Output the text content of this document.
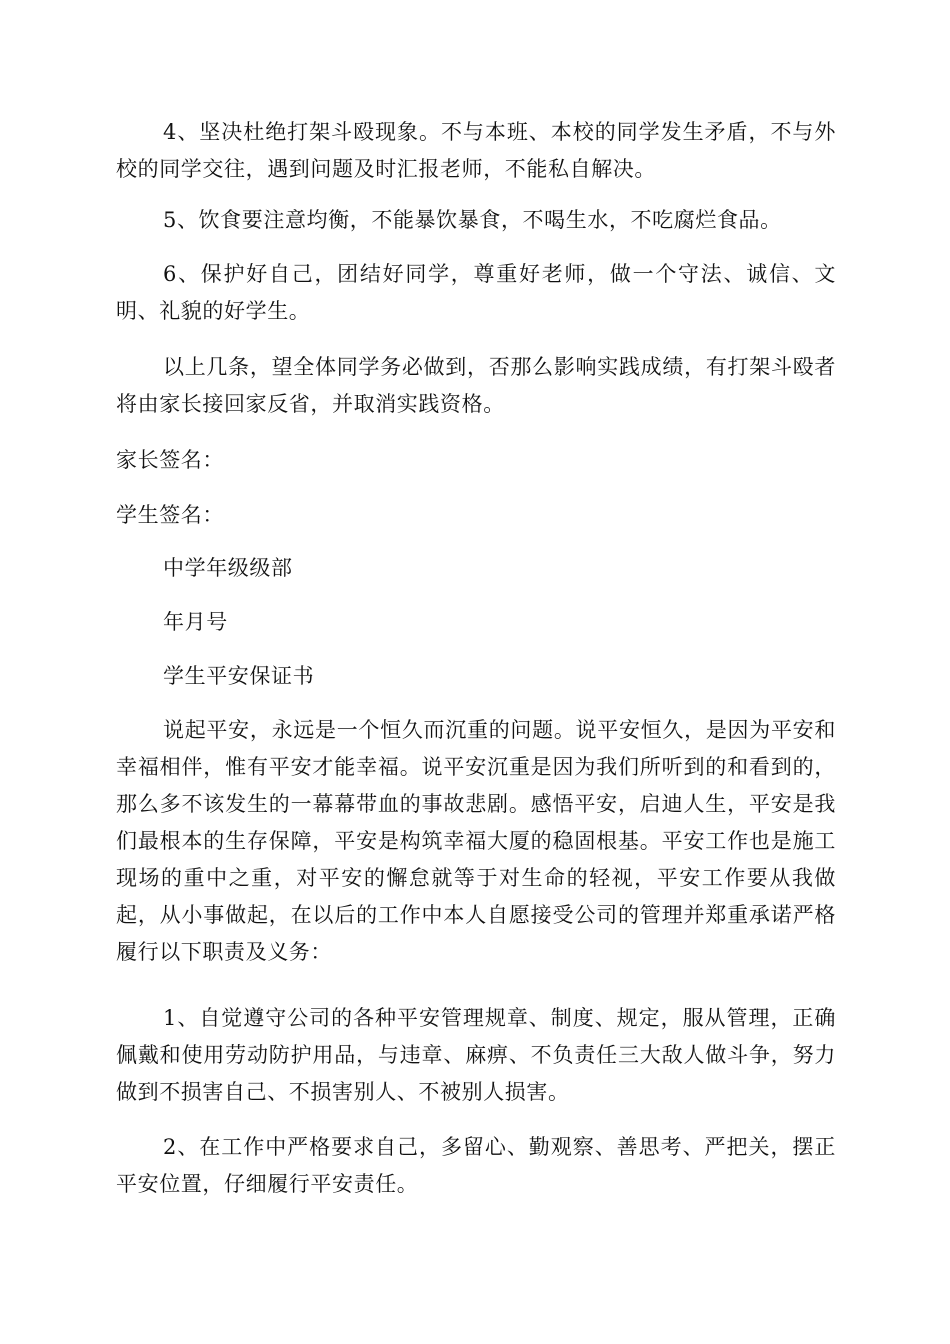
4、坚决杜绝打架斗殴现象。不与本班、本校的同学发生矛盾，不与外校的同学交往，遇到问题及时汇报老师，不能私自解决。

5、饮食要注意均衡，不能暴饮暴食，不喝生水，不吃腐烂食品。

6、保护好自己，团结好同学，尊重好老师，做一个守法、诚信、文明、礼貌的好学生。

以上几条，望全体同学务必做到，否那么影响实践成绩，有打架斗殴者将由家长接回家反省，并取消实践资格。

家长签名：

学生签名：

中学年级级部

年月号

学生平安保证书

说起平安，永远是一个恒久而沉重的问题。说平安恒久，是因为平安和幸福相伴，惟有平安才能幸福。说平安沉重是因为我们所听到的和看到的，那么多不该发生的一幕幕带血的事故悲剧。感悟平安，启迪人生，平安是我们最根本的生存保障，平安是构筑幸福大厦的稳固根基。平安工作也是施工现场的重中之重，对平安的懈怠就等于对生命的轻视，平安工作要从我做起，从小事做起，在以后的工作中本人自愿接受公司的管理并郑重承诺严格履行以下职责及义务：

1、自觉遵守公司的各种平安管理规章、制度、规定，服从管理，正确佩戴和使用劳动防护用品，与违章、麻痹、不负责任三大敌人做斗争，努力做到不损害自己、不损害别人、不被别人损害。

2、在工作中严格要求自己，多留心、勤观察、善思考、严把关，摆正平安位置，仔细履行平安责任。
